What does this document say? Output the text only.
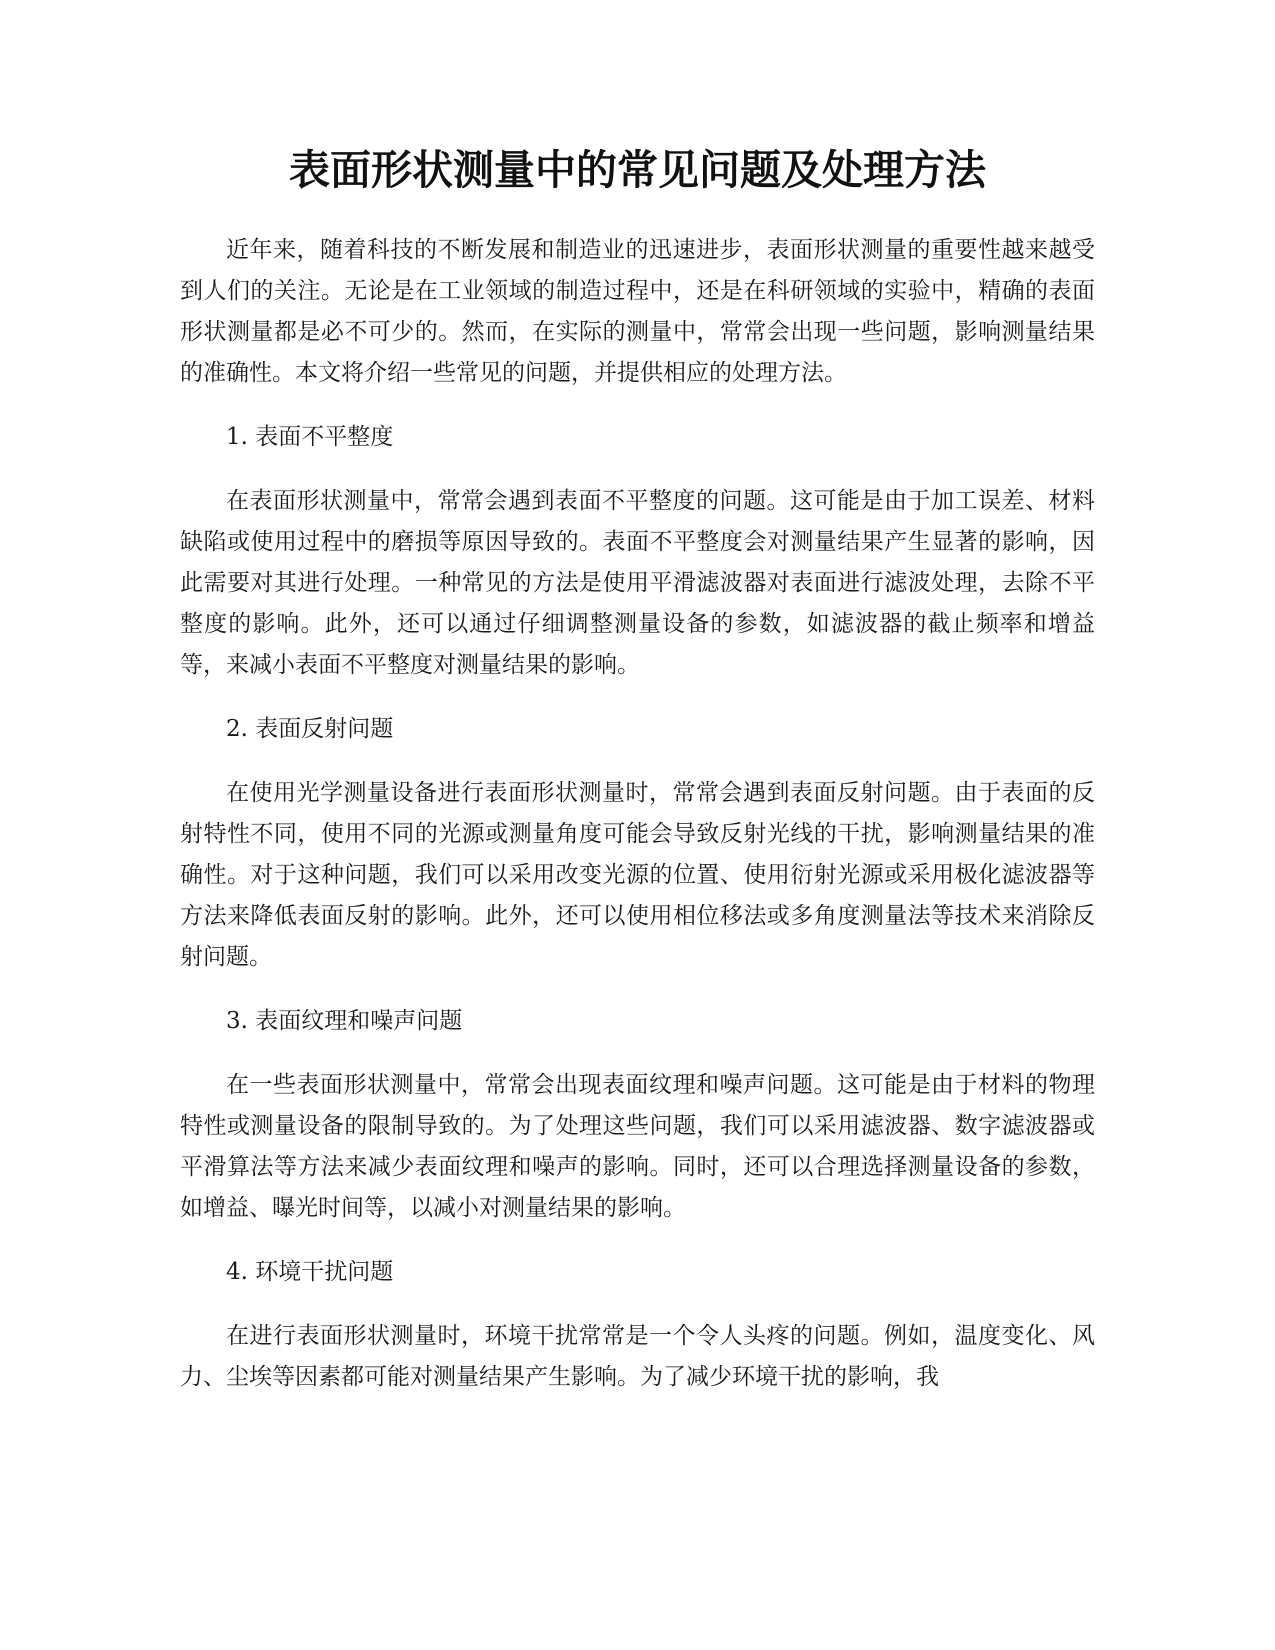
表面形状测量中的常见问题及处理方法

近年来，随着科技的不断发展和制造业的迅速进步，表面形状测量的重要性越来越受到人们的关注。无论是在工业领域的制造过程中，还是在科研领域的实验中，精确的表面形状测量都是必不可少的。然而，在实际的测量中，常常会出现一些问题，影响测量结果的准确性。本文将介绍一些常见的问题，并提供相应的处理方法。

1. 表面不平整度

在表面形状测量中，常常会遇到表面不平整度的问题。这可能是由于加工误差、材料缺陷或使用过程中的磨损等原因导致的。表面不平整度会对测量结果产生显著的影响，因此需要对其进行处理。一种常见的方法是使用平滑滤波器对表面进行滤波处理，去除不平整度的影响。此外，还可以通过仔细调整测量设备的参数，如滤波器的截止频率和增益等，来减小表面不平整度对测量结果的影响。

2. 表面反射问题

在使用光学测量设备进行表面形状测量时，常常会遇到表面反射问题。由于表面的反射特性不同，使用不同的光源或测量角度可能会导致反射光线的干扰，影响测量结果的准确性。对于这种问题，我们可以采用改变光源的位置、使用衍射光源或采用极化滤波器等方法来降低表面反射的影响。此外，还可以使用相位移法或多角度测量法等技术来消除反射问题。

3. 表面纹理和噪声问题

在一些表面形状测量中，常常会出现表面纹理和噪声问题。这可能是由于材料的物理特性或测量设备的限制导致的。为了处理这些问题，我们可以采用滤波器、数字滤波器或平滑算法等方法来减少表面纹理和噪声的影响。同时，还可以合理选择测量设备的参数，如增益、曝光时间等，以减小对测量结果的影响。

4. 环境干扰问题

在进行表面形状测量时，环境干扰常常是一个令人头疼的问题。例如，温度变化、风力、尘埃等因素都可能对测量结果产生影响。为了减少环境干扰的影响，我
